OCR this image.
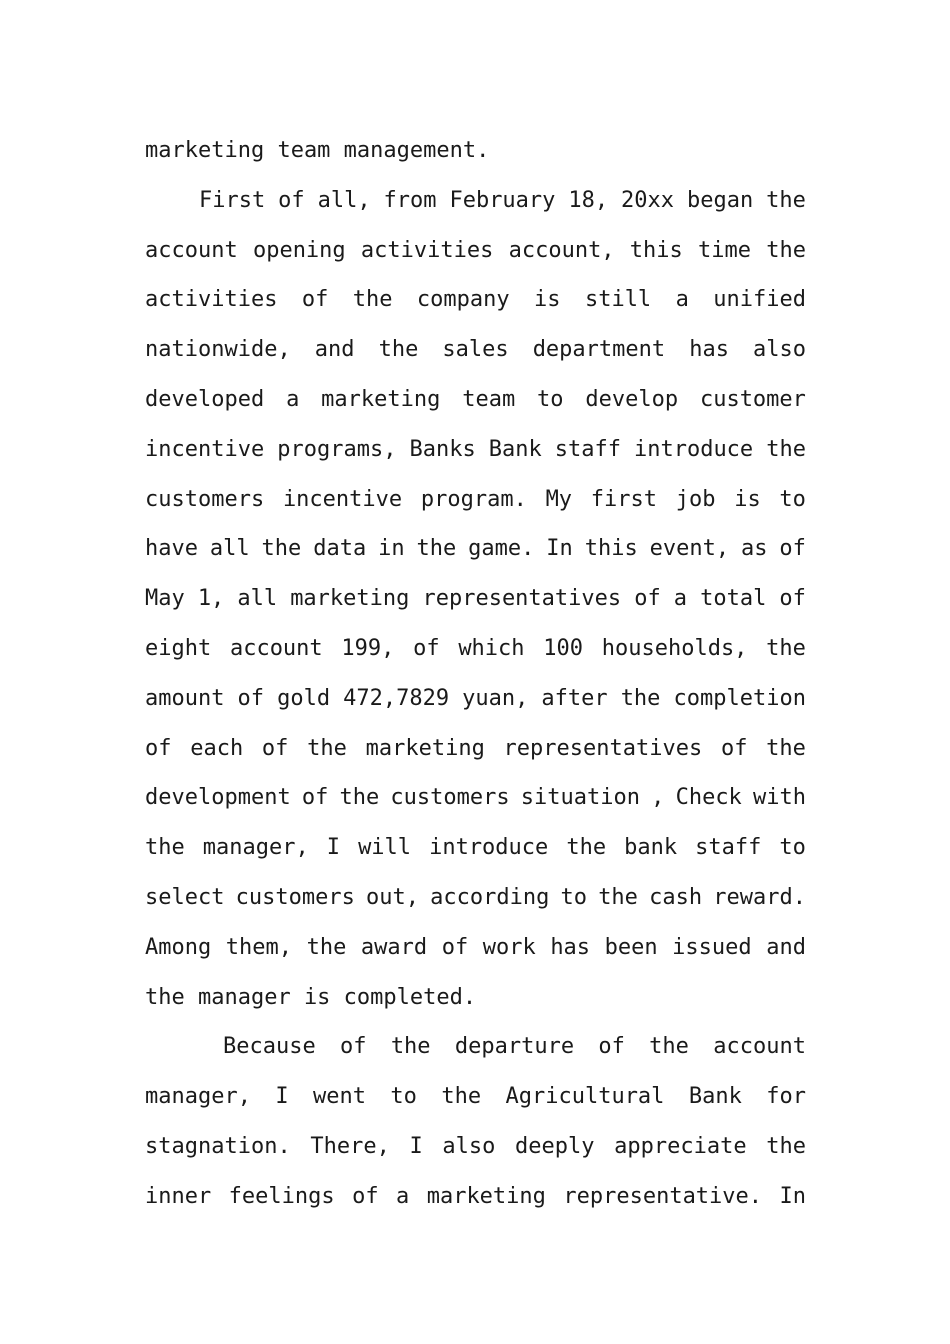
marketing team management.
First of all, from February 18, 20xx began the
account opening activities account, this time the
activities of the company is still a unified
nationwide, and the sales department has also
developed a marketing team to develop customer
incentive programs, Banks Bank staff introduce the
customers incentive program. My first job is to
have all the data in the game. In this event, as of
May 1, all marketing representatives of a total of
eight account 199, of which 100 households, the
amount of gold 472,7829 yuan, after the completion
of each of the marketing representatives of the
development of the customers situation , Check with
the manager, I will introduce the bank staff to
select customers out, according to the cash reward.
Among them, the award of work has been issued and
the manager is completed.
Because of the departure of the account
manager, I went to the Agricultural Bank for
stagnation. There, I also deeply appreciate the
inner feelings of a marketing representative. In
